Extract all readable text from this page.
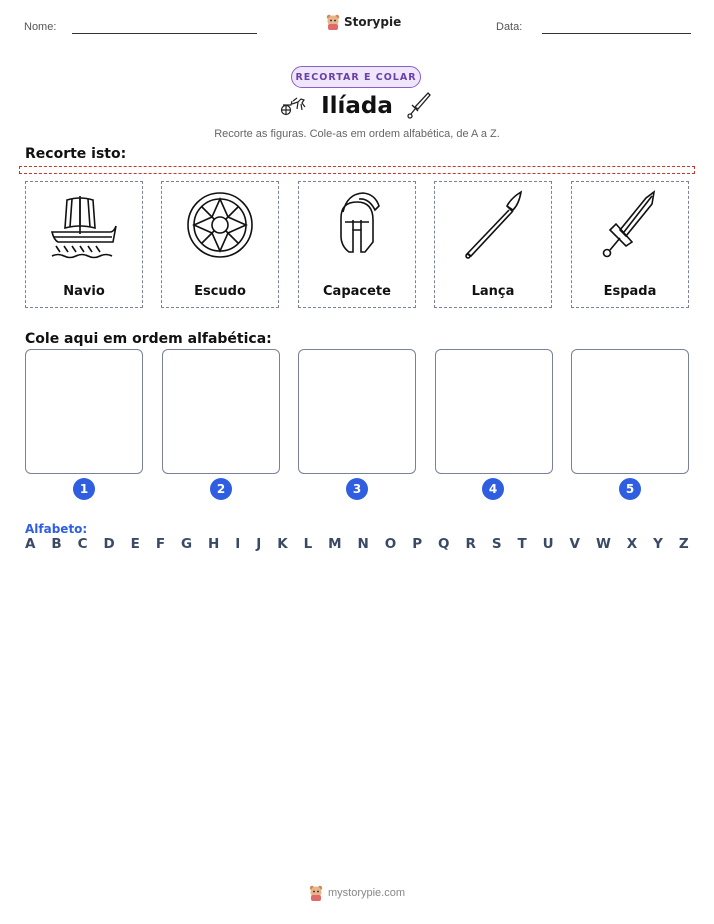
Nome:	Storypie	Data:
RECORTAR E COLAR
Ilíada
Recorte as figuras. Cole-as em ordem alfabética, de A a Z.
Recorte isto:
Navio	Escudo	Capacete	Lança	Espada
Cole aqui em ordem alfabética:
1	2	3	4	5
Alfabeto:
A B C D E F G H I J K L M N O P Q R S T U V W X Y Z
mystorypie.com
